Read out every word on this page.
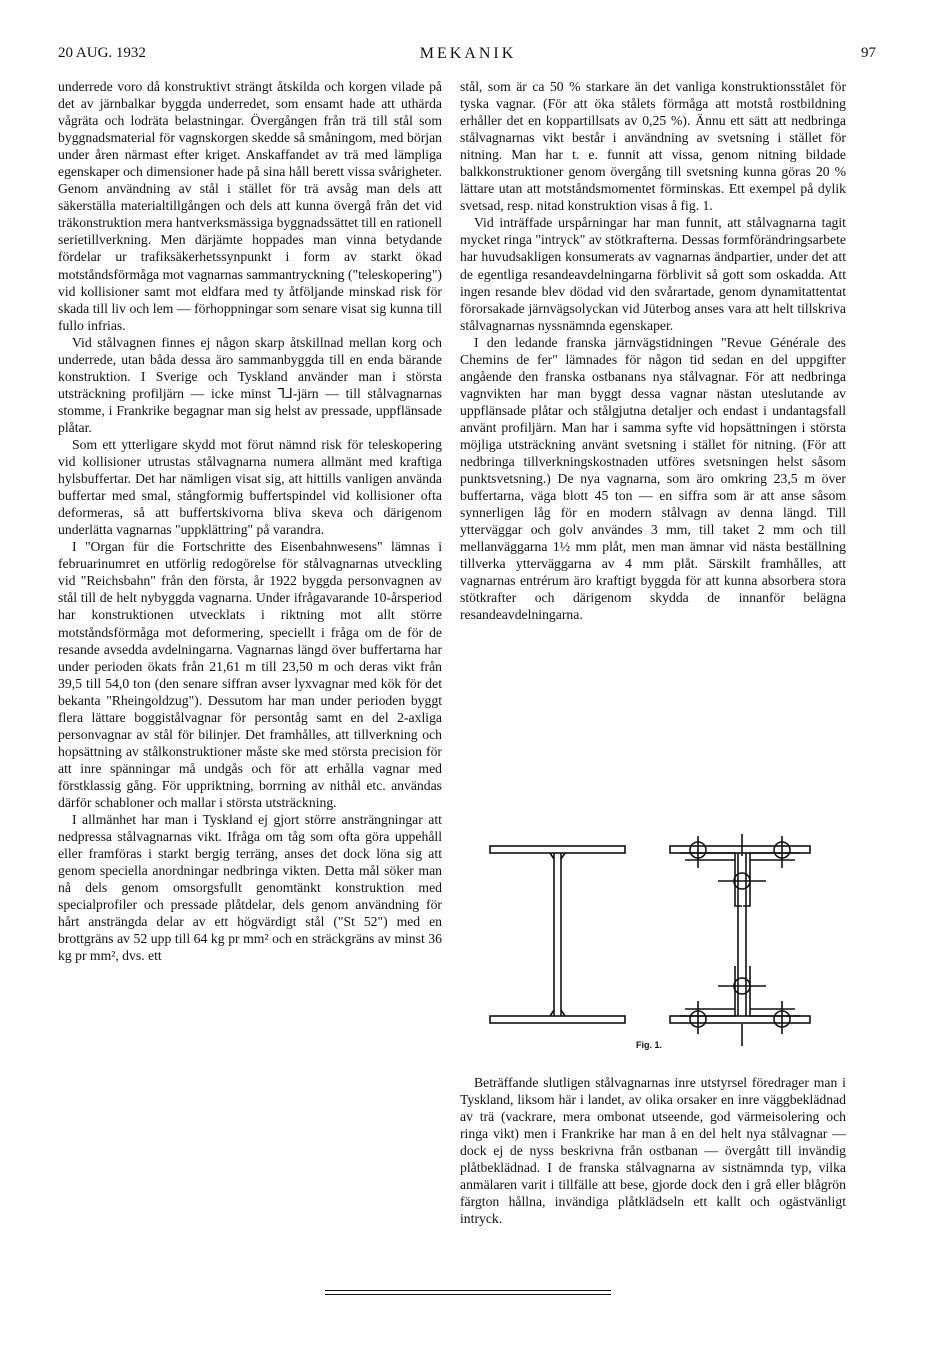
20 AUG. 1932	MEKANIK	97

underrede voro då konstruktivt strängt åtskilda och korgen vilade på det av järnbalkar byggda underredet, som ensamt hade att uthärda vågräta och lodräta belastningar. Övergången från trä till stål som byggnadsmaterial för vagnskorgen skedde så småningom, med början under åren närmast efter kriget. Anskaffandet av trä med lämpliga egenskaper och dimensioner hade på sina håll berett vissa svårigheter. Genom användning av stål i stället för trä avsåg man dels att säkerställa materialtillgången och dels att kunna övergå från det vid träkonstruktion mera hantverksmässiga byggnadssättet till en rationell serietillverkning. Men därjämte hoppades man vinna betydande fördelar ur trafiksäkerhetssynpunkt i form av starkt ökad motståndsförmåga mot vagnarnas sammantryckning ("teleskopering") vid kollisioner samt mot eldfara med ty åtföljande minskad risk för skada till liv och lem — förhoppningar som senare visat sig kunna till fullo infrias.

Vid stålvagnen finnes ej någon skarp åtskillnad mellan korg och underrede, utan båda dessa äro sammanbyggda till en enda bärande konstruktion. I Sverige och Tyskland använder man i största utsträckning profiljärn — icke minst ⅂⅃-järn — till stålvagnarnas stomme, i Frankrike begagnar man sig helst av pressade, uppflänsade plåtar.

Som ett ytterligare skydd mot förut nämnd risk för teleskopering vid kollisioner utrustas stålvagnarna numera allmänt med kraftiga hylsbuffertar. Det har nämligen visat sig, att hittills vanligen använda buffertar med smal, stångformig buffertspindel vid kollisioner ofta deformeras, så att buffertskivorna bliva skeva och därigenom underlätta vagnarnas "uppklättring" på varandra.

I "Organ für die Fortschritte des Eisenbahnwesens" lämnas i februarinumret en utförlig redogörelse för stålvagnarnas utveckling vid "Reichsbahn" från den första, år 1922 byggda personvagnen av stål till de helt nybyggda vagnarna. Under ifrågavarande 10-årsperiod har konstruktionen utvecklats i riktning mot allt större motståndsförmåga mot deformering, speciellt i fråga om de för de resande avsedda avdelningarna. Vagnarnas längd över buffertarna har under perioden ökats från 21,61 m till 23,50 m och deras vikt från 39,5 till 54,0 ton (den senare siffran avser lyxvagnar med kök för det bekanta "Rheingoldzug"). Dessutom har man under perioden byggt flera lättare boggistålvagnar för persontåg samt en del 2-axliga personvagnar av stål för bilinjer. Det framhålles, att tillverkning och hopsättning av stålkonstruktioner måste ske med största precision för att inre spänningar må undgås och för att erhålla vagnar med förstklassig gång. För uppriktning, borrning av nithål etc. användas därför schabloner och mallar i största utsträckning.

I allmänhet har man i Tyskland ej gjort större ansträngningar att nedpressa stålvagnarnas vikt. Ifråga om tåg som ofta göra uppehåll eller framföras i starkt bergig terräng, anses det dock löna sig att genom speciella anordningar nedbringa vikten. Detta mål söker man nå dels genom omsorgsfullt genomtänkt konstruktion med specialprofiler och pressade plåtdelar, dels genom användning för hårt ansträngda delar av ett högvärdigt stål ("St 52") med en brottgräns av 52 upp till 64 kg pr mm² och en sträckgräns av minst 36 kg pr mm², dvs. ett

stål, som är ca 50 % starkare än det vanliga konstruktionsstålet för tyska vagnar. (För att öka stålets förmåga att motstå rostbildning erhåller det en koppartillsats av 0,25 %). Ännu ett sätt att nedbringa stålvagnarnas vikt består i användning av svetsning i stället för nitning. Man har t. e. funnit att vissa, genom nitning bildade balkkonstruktioner genom övergång till svetsning kunna göras 20 % lättare utan att motståndsmomentet förminskas. Ett exempel på dylik svetsad, resp. nitad konstruktion visas å fig. 1.

Vid inträffade urspårningar har man funnit, att stålvagnarna tagit mycket ringa "intryck" av stötkrafterna. Dessas formförändringsarbete har huvudsakligen konsumerats av vagnarnas ändpartier, under det att de egentliga resandeavdelningarna förblivit så gott som oskadda. Att ingen resande blev dödad vid den svårartade, genom dynamitattentat förorsakade järnvägsolyckan vid Jüterbog anses vara att helt tillskriva stålvagnarnas nyssnämnda egenskaper.

I den ledande franska järnvägstidningen "Revue Générale des Chemins de fer" lämnades för någon tid sedan en del uppgifter angående den franska ostbanans nya stålvagnar. För att nedbringa vagnvikten har man byggt dessa vagnar nästan uteslutande av uppflänsade plåtar och stålgjutna detaljer och endast i undantagsfall använt profiljärn. Man har i samma syfte vid hopsättningen i största möjliga utsträckning använt svetsning i stället för nitning. (För att nedbringa tillverkningskostnaden utföres svetsningen helst såsom punktsvetsning.) De nya vagnarna, som äro omkring 23,5 m över buffertarna, väga blott 45 ton — en siffra som är att anse såsom synnerligen låg för en modern stålvagn av denna längd. Till ytterväggar och golv användes 3 mm, till taket 2 mm och till mellanväggarna 1½ mm plåt, men man ämnar vid nästa beställning tillverka ytterväggarna av 4 mm plåt. Särskilt framhålles, att vagnarnas entrérum äro kraftigt byggda för att kunna absorbera stora stötkrafter och därigenom skydda de innanför belägna resandeavdelningarna.

Fig. 1.

Beträffande slutligen stålvagnarnas inre utstyrsel föredrager man i Tyskland, liksom här i landet, av olika orsaker en inre väggbeklädnad av trä (vackrare, mera ombonat utseende, god värmeisolering och ringa vikt) men i Frankrike har man å en del helt nya stålvagnar — dock ej de nyss beskrivna från ostbanan — övergått till invändig plåtbeklädnad. I de franska stålvagnarna av sistnämnda typ, vilka anmälaren varit i tillfälle att bese, gjorde dock den i grå eller blågrön färgton hållna, invändiga plåtklädseln ett kallt och ogästvänligt intryck.
